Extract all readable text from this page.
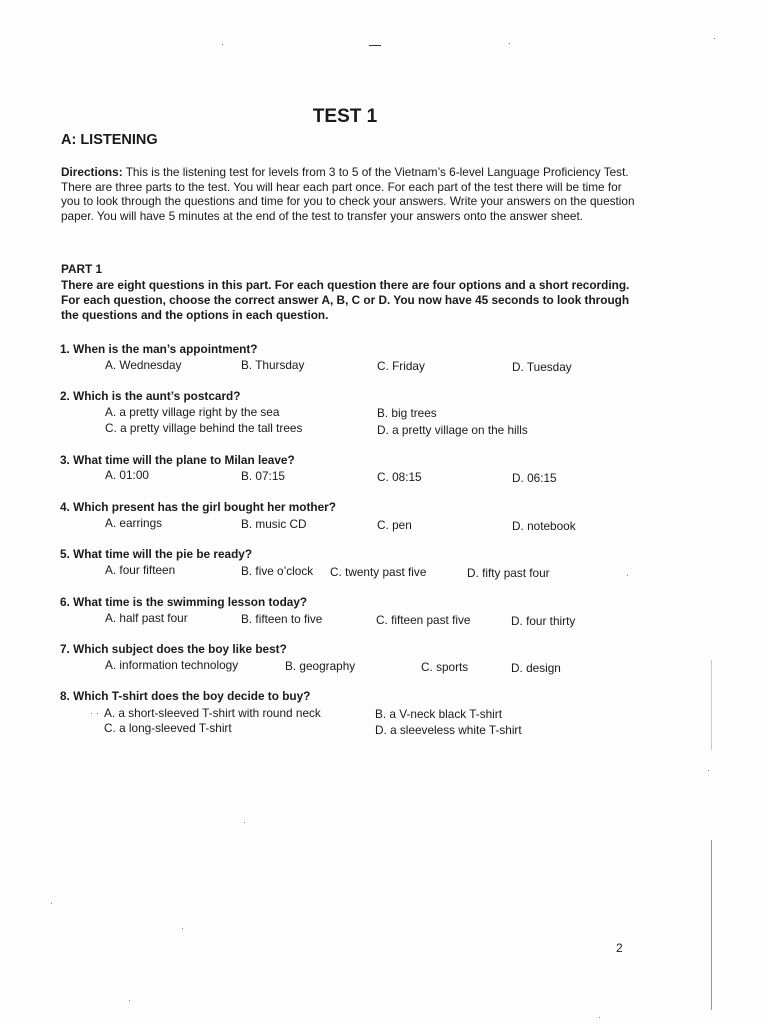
TEST 1
A: LISTENING
Directions: This is the listening test for levels from 3 to 5 of the Vietnam’s 6-level Language Proficiency Test. There are three parts to the test. You will hear each part once. For each part of the test there will be time for you to look through the questions and time for you to check your answers. Write your answers on the question paper. You will have 5 minutes at the end of the test to transfer your answers onto the answer sheet.
PART 1
There are eight questions in this part. For each question there are four options and a short recording. For each question, choose the correct answer A, B, C or D. You now have 45 seconds to look through the questions and the options in each question.
1. When is the man’s appointment?
A. Wednesday	B. Thursday	C. Friday	D. Tuesday
2. Which is the aunt’s postcard?
A. a pretty village right by the sea	B. big trees
C. a pretty village behind the tall trees	D. a pretty village on the hills
3. What time will the plane to Milan leave?
A. 01:00	B. 07:15	C. 08:15	D. 06:15
4. Which present has the girl bought her mother?
A. earrings	B. music CD	C. pen	D. notebook
5. What time will the pie be ready?
A. four fifteen	B. five o’clock C. twenty past five	D. fifty past four
6. What time is the swimming lesson today?
A. half past four	B. fifteen to five	C. fifteen past five	D. four thirty
7. Which subject does the boy like best?
A. information technology	B. geography	C. sports	D. design
8. Which T-shirt does the boy decide to buy?
A. a short-sleeved T-shirt with round neck	B. a V-neck black T-shirt
C. a long-sleeved T-shirt	D. a sleeveless white T-shirt
2
